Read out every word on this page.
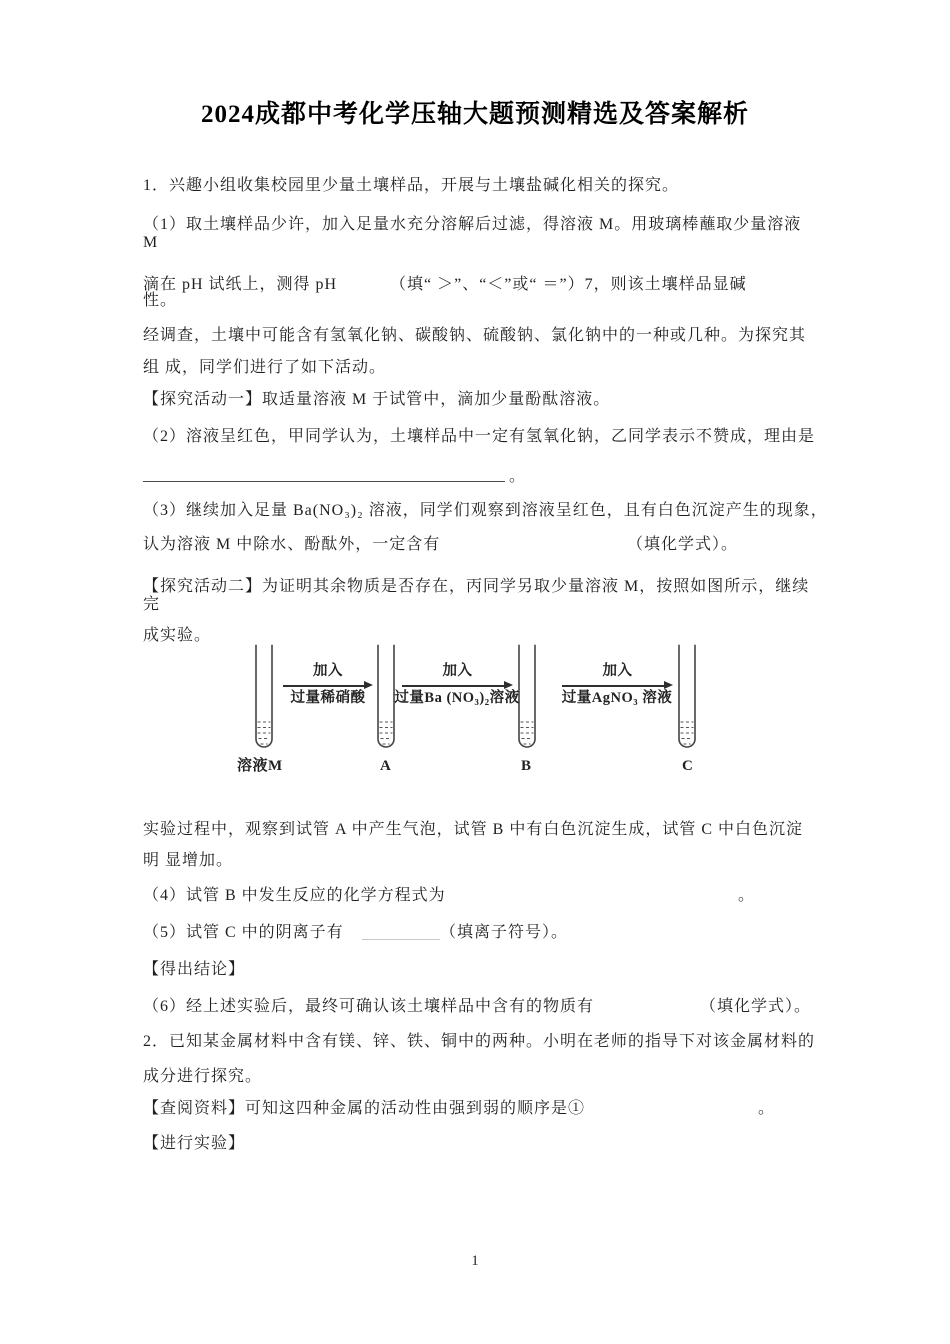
2024成都中考化学压轴大题预测精选及答案解析
1．兴趣小组收集校园里少量土壤样品，开展与土壤盐碱化相关的探究。
（1）取土壤样品少许，加入足量水充分溶解后过滤，得溶液 M。用玻璃棒蘸取少量溶液
M
滴在 pH 试纸上，测得 pH	（填“ ＞”、“＜”或“ ＝”）7，则该土壤样品显碱
性。
经调查，土壤中可能含有氢氧化钠、碳酸钠、硫酸钠、氯化钠中的一种或几种。为探究其
组 成，同学们进行了如下活动。
【探究活动一】取适量溶液 M 于试管中，滴加少量酚酞溶液。
（2）溶液呈红色，甲同学认为，土壤样品中一定有氢氧化钠，乙同学表示不赞成，理由是
。
（3）继续加入足量 Ba(NO₃)₂ 溶液，同学们观察到溶液呈红色，且有白色沉淀产生的现象，
认为溶液 M 中除水、酚酞外，一定含有	（填化学式）。
【探究活动二】为证明其余物质是否存在，丙同学另取少量溶液 M，按照如图所示，继续
完
成实验。
加入
过量稀硝酸
加入
过量Ba (NO₃)₂溶液
加入
过量AgNO₃ 溶液
溶液M	A	B	C
实验过程中，观察到试管 A 中产生气泡，试管 B 中有白色沉淀生成，试管 C 中白色沉淀
明 显增加。
（4）试管 B 中发生反应的化学方程式为	。
（5）试管 C 中的阴离子有	（填离子符号）。
【得出结论】
（6）经上述实验后，最终可确认该土壤样品中含有的物质有	（填化学式）。
2．已知某金属材料中含有镁、锌、铁、铜中的两种。小明在老师的指导下对该金属材料的
成分进行探究。
【查阅资料】可知这四种金属的活动性由强到弱的顺序是①	。
【进行实验】
1
